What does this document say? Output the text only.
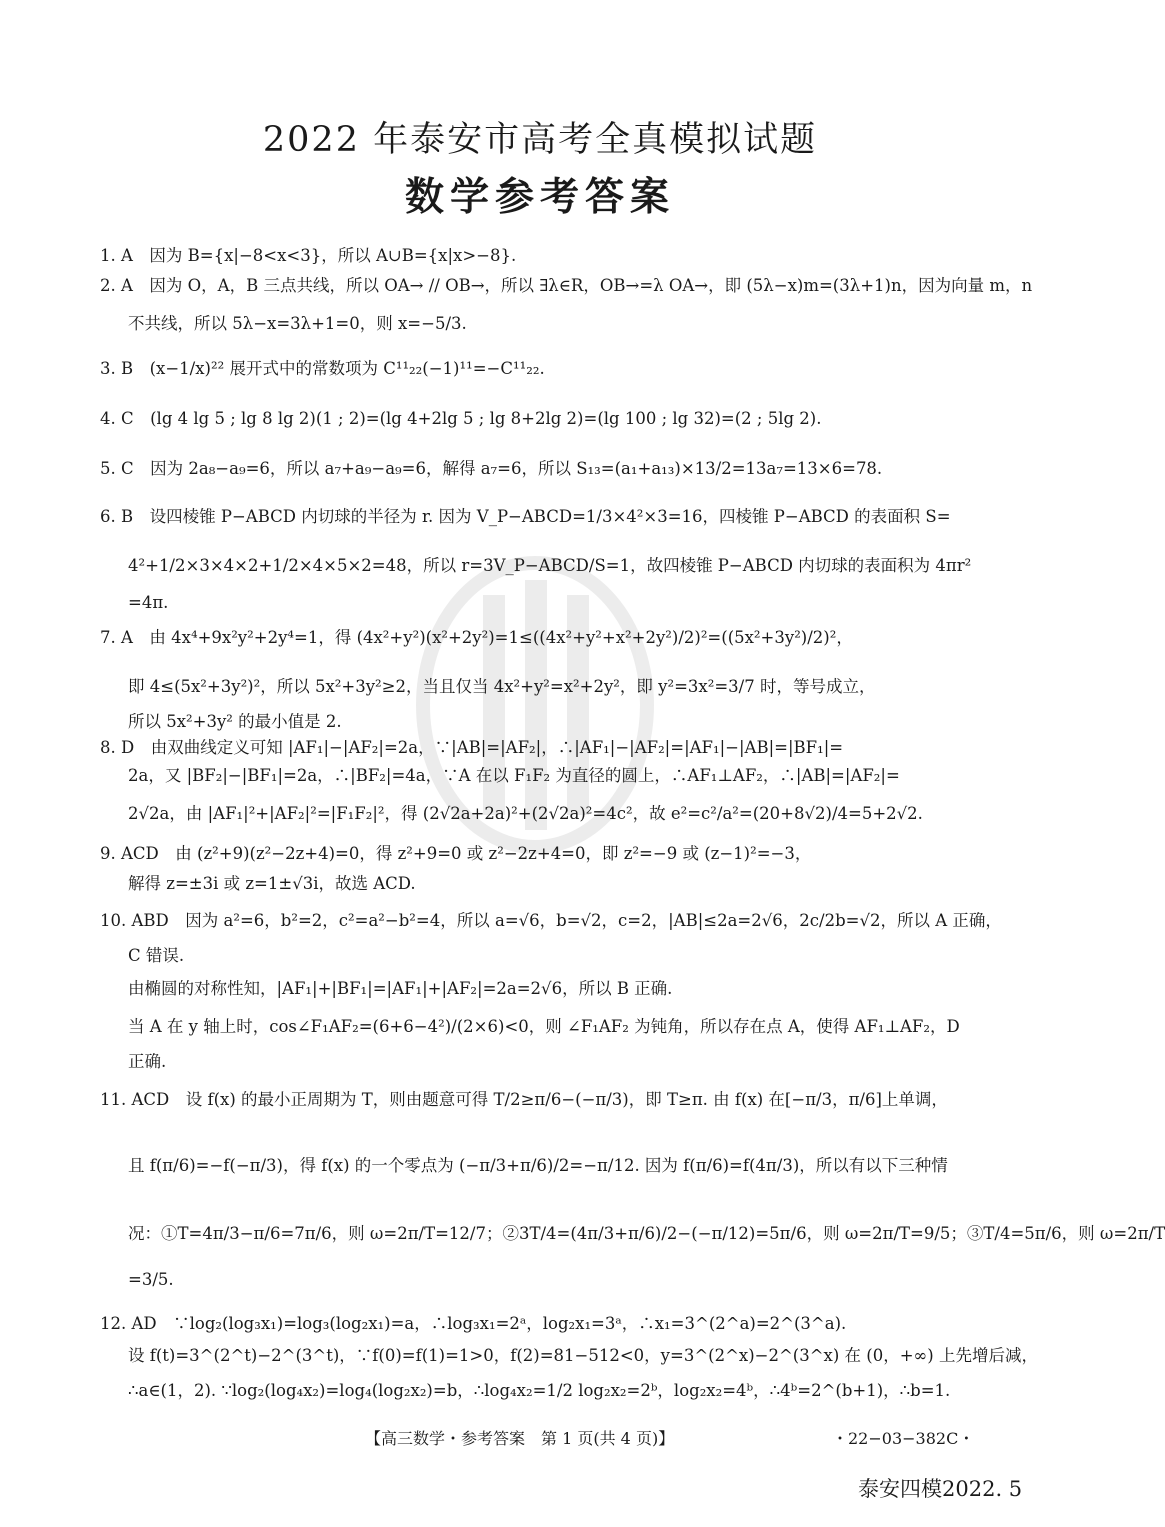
2022 年泰安市高考全真模拟试题
数学参考答案
1. A　因为 B={x|−8<x<3}，所以 A∪B={x|x>−8}.
2. A　因为 O，A，B 三点共线，所以 OA→ // OB→，所以 ∃λ∈R，OB→=λ OA→，即 (5λ−x)m=(3λ+1)n，因为向量 m，n
不共线，所以 5λ−x=3λ+1=0，则 x=−5/3.
3. B　(x−1/x)²² 展开式中的常数项为 C¹¹₂₂(−1)¹¹=−C¹¹₂₂.
4. C　(lg 4 lg 5 ; lg 8 lg 2)(1 ; 2)=(lg 4+2lg 5 ; lg 8+2lg 2)=(lg 100 ; lg 32)=(2 ; 5lg 2).
5. C　因为 2a₈−a₉=6，所以 a₇+a₉−a₉=6，解得 a₇=6，所以 S₁₃=(a₁+a₁₃)×13/2=13a₇=13×6=78.
6. B　设四棱锥 P−ABCD 内切球的半径为 r. 因为 V_P−ABCD=1/3×4²×3=16，四棱锥 P−ABCD 的表面积 S=
4²+1/2×3×4×2+1/2×4×5×2=48，所以 r=3V_P−ABCD/S=1，故四棱锥 P−ABCD 内切球的表面积为 4πr²
=4π.
7. A　由 4x⁴+9x²y²+2y⁴=1，得 (4x²+y²)(x²+2y²)=1≤((4x²+y²+x²+2y²)/2)²=((5x²+3y²)/2)²，
即 4≤(5x²+3y²)²，所以 5x²+3y²≥2，当且仅当 4x²+y²=x²+2y²，即 y²=3x²=3/7 时，等号成立，
所以 5x²+3y² 的最小值是 2.
8. D　由双曲线定义可知 |AF₁|−|AF₂|=2a，∵|AB|=|AF₂|，∴|AF₁|−|AF₂|=|AF₁|−|AB|=|BF₁|=
2a，又 |BF₂|−|BF₁|=2a，∴|BF₂|=4a，∵A 在以 F₁F₂ 为直径的圆上，∴AF₁⊥AF₂，∴|AB|=|AF₂|=
2√2a，由 |AF₁|²+|AF₂|²=|F₁F₂|²，得 (2√2a+2a)²+(2√2a)²=4c²，故 e²=c²/a²=(20+8√2)/4=5+2√2.
9. ACD　由 (z²+9)(z²−2z+4)=0，得 z²+9=0 或 z²−2z+4=0，即 z²=−9 或 (z−1)²=−3，
解得 z=±3i 或 z=1±√3i，故选 ACD.
10. ABD　因为 a²=6，b²=2，c²=a²−b²=4，所以 a=√6，b=√2，c=2，|AB|≤2a=2√6，2c/2b=√2，所以 A 正确，
C 错误.
由椭圆的对称性知，|AF₁|+|BF₁|=|AF₁|+|AF₂|=2a=2√6，所以 B 正确.
当 A 在 y 轴上时，cos∠F₁AF₂=(6+6−4²)/(2×6)<0，则 ∠F₁AF₂ 为钝角，所以存在点 A，使得 AF₁⊥AF₂，D
正确.
11. ACD　设 f(x) 的最小正周期为 T，则由题意可得 T/2≥π/6−(−π/3)，即 T≥π. 由 f(x) 在[−π/3，π/6]上单调，
且 f(π/6)=−f(−π/3)，得 f(x) 的一个零点为 (−π/3+π/6)/2=−π/12. 因为 f(π/6)=f(4π/3)，所以有以下三种情
况：①T=4π/3−π/6=7π/6，则 ω=2π/T=12/7；②3T/4=(4π/3+π/6)/2−(−π/12)=5π/6，则 ω=2π/T=9/5；③T/4=5π/6，则 ω=2π/T
=3/5.
12. AD　∵log₂(log₃x₁)=log₃(log₂x₁)=a，∴log₃x₁=2ᵃ，log₂x₁=3ᵃ，∴x₁=3^(2^a)=2^(3^a).
设 f(t)=3^(2^t)−2^(3^t)，∵f(0)=f(1)=1>0，f(2)=81−512<0，y=3^(2^x)−2^(3^x) 在 (0，+∞) 上先增后减，
∴a∈(1，2). ∵log₂(log₄x₂)=log₄(log₂x₂)=b，∴log₄x₂=1/2 log₂x₂=2ᵇ，log₂x₂=4ᵇ，∴4ᵇ=2^(b+1)，∴b=1.
【高三数学・参考答案　第 1 页(共 4 页)】	・22−03−382C・
泰安四模2022. 5
